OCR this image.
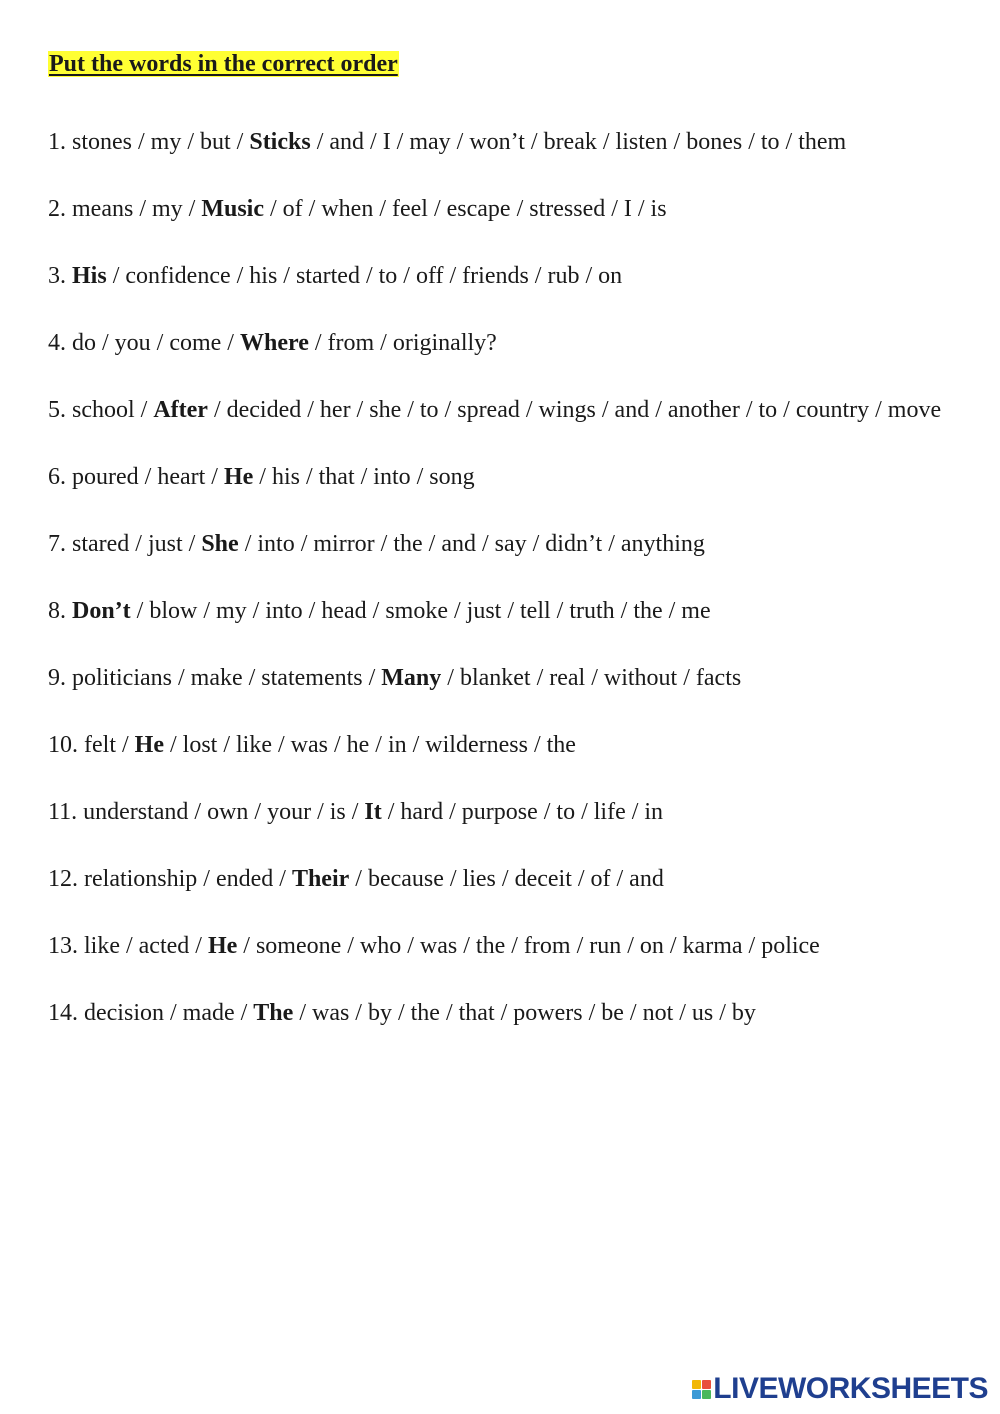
Put the words in the correct order
1. stones / my / but / Sticks / and / I / may / won’t / break / listen / bones / to / them
2. means / my / Music / of / when / feel / escape / stressed / I / is
3. His / confidence / his / started / to / off / friends / rub / on
4. do / you / come / Where / from / originally?
5. school / After / decided / her / she / to / spread / wings / and / another / to / country / move
6. poured / heart / He / his / that / into / song
7. stared / just / She / into / mirror / the / and / say / didn’t / anything
8. Don’t / blow / my / into / head / smoke / just / tell / truth / the / me
9. politicians / make / statements / Many / blanket / real / without / facts
10. felt / He / lost / like / was / he / in / wilderness / the
11. understand / own / your / is / It / hard / purpose / to / life / in
12. relationship / ended / Their / because / lies / deceit / of / and
13. like / acted / He / someone / who / was / the / from / run / on / karma / police
14. decision / made / The / was / by / the / that / powers / be / not / us / by
LIVEWORKSHEETS
